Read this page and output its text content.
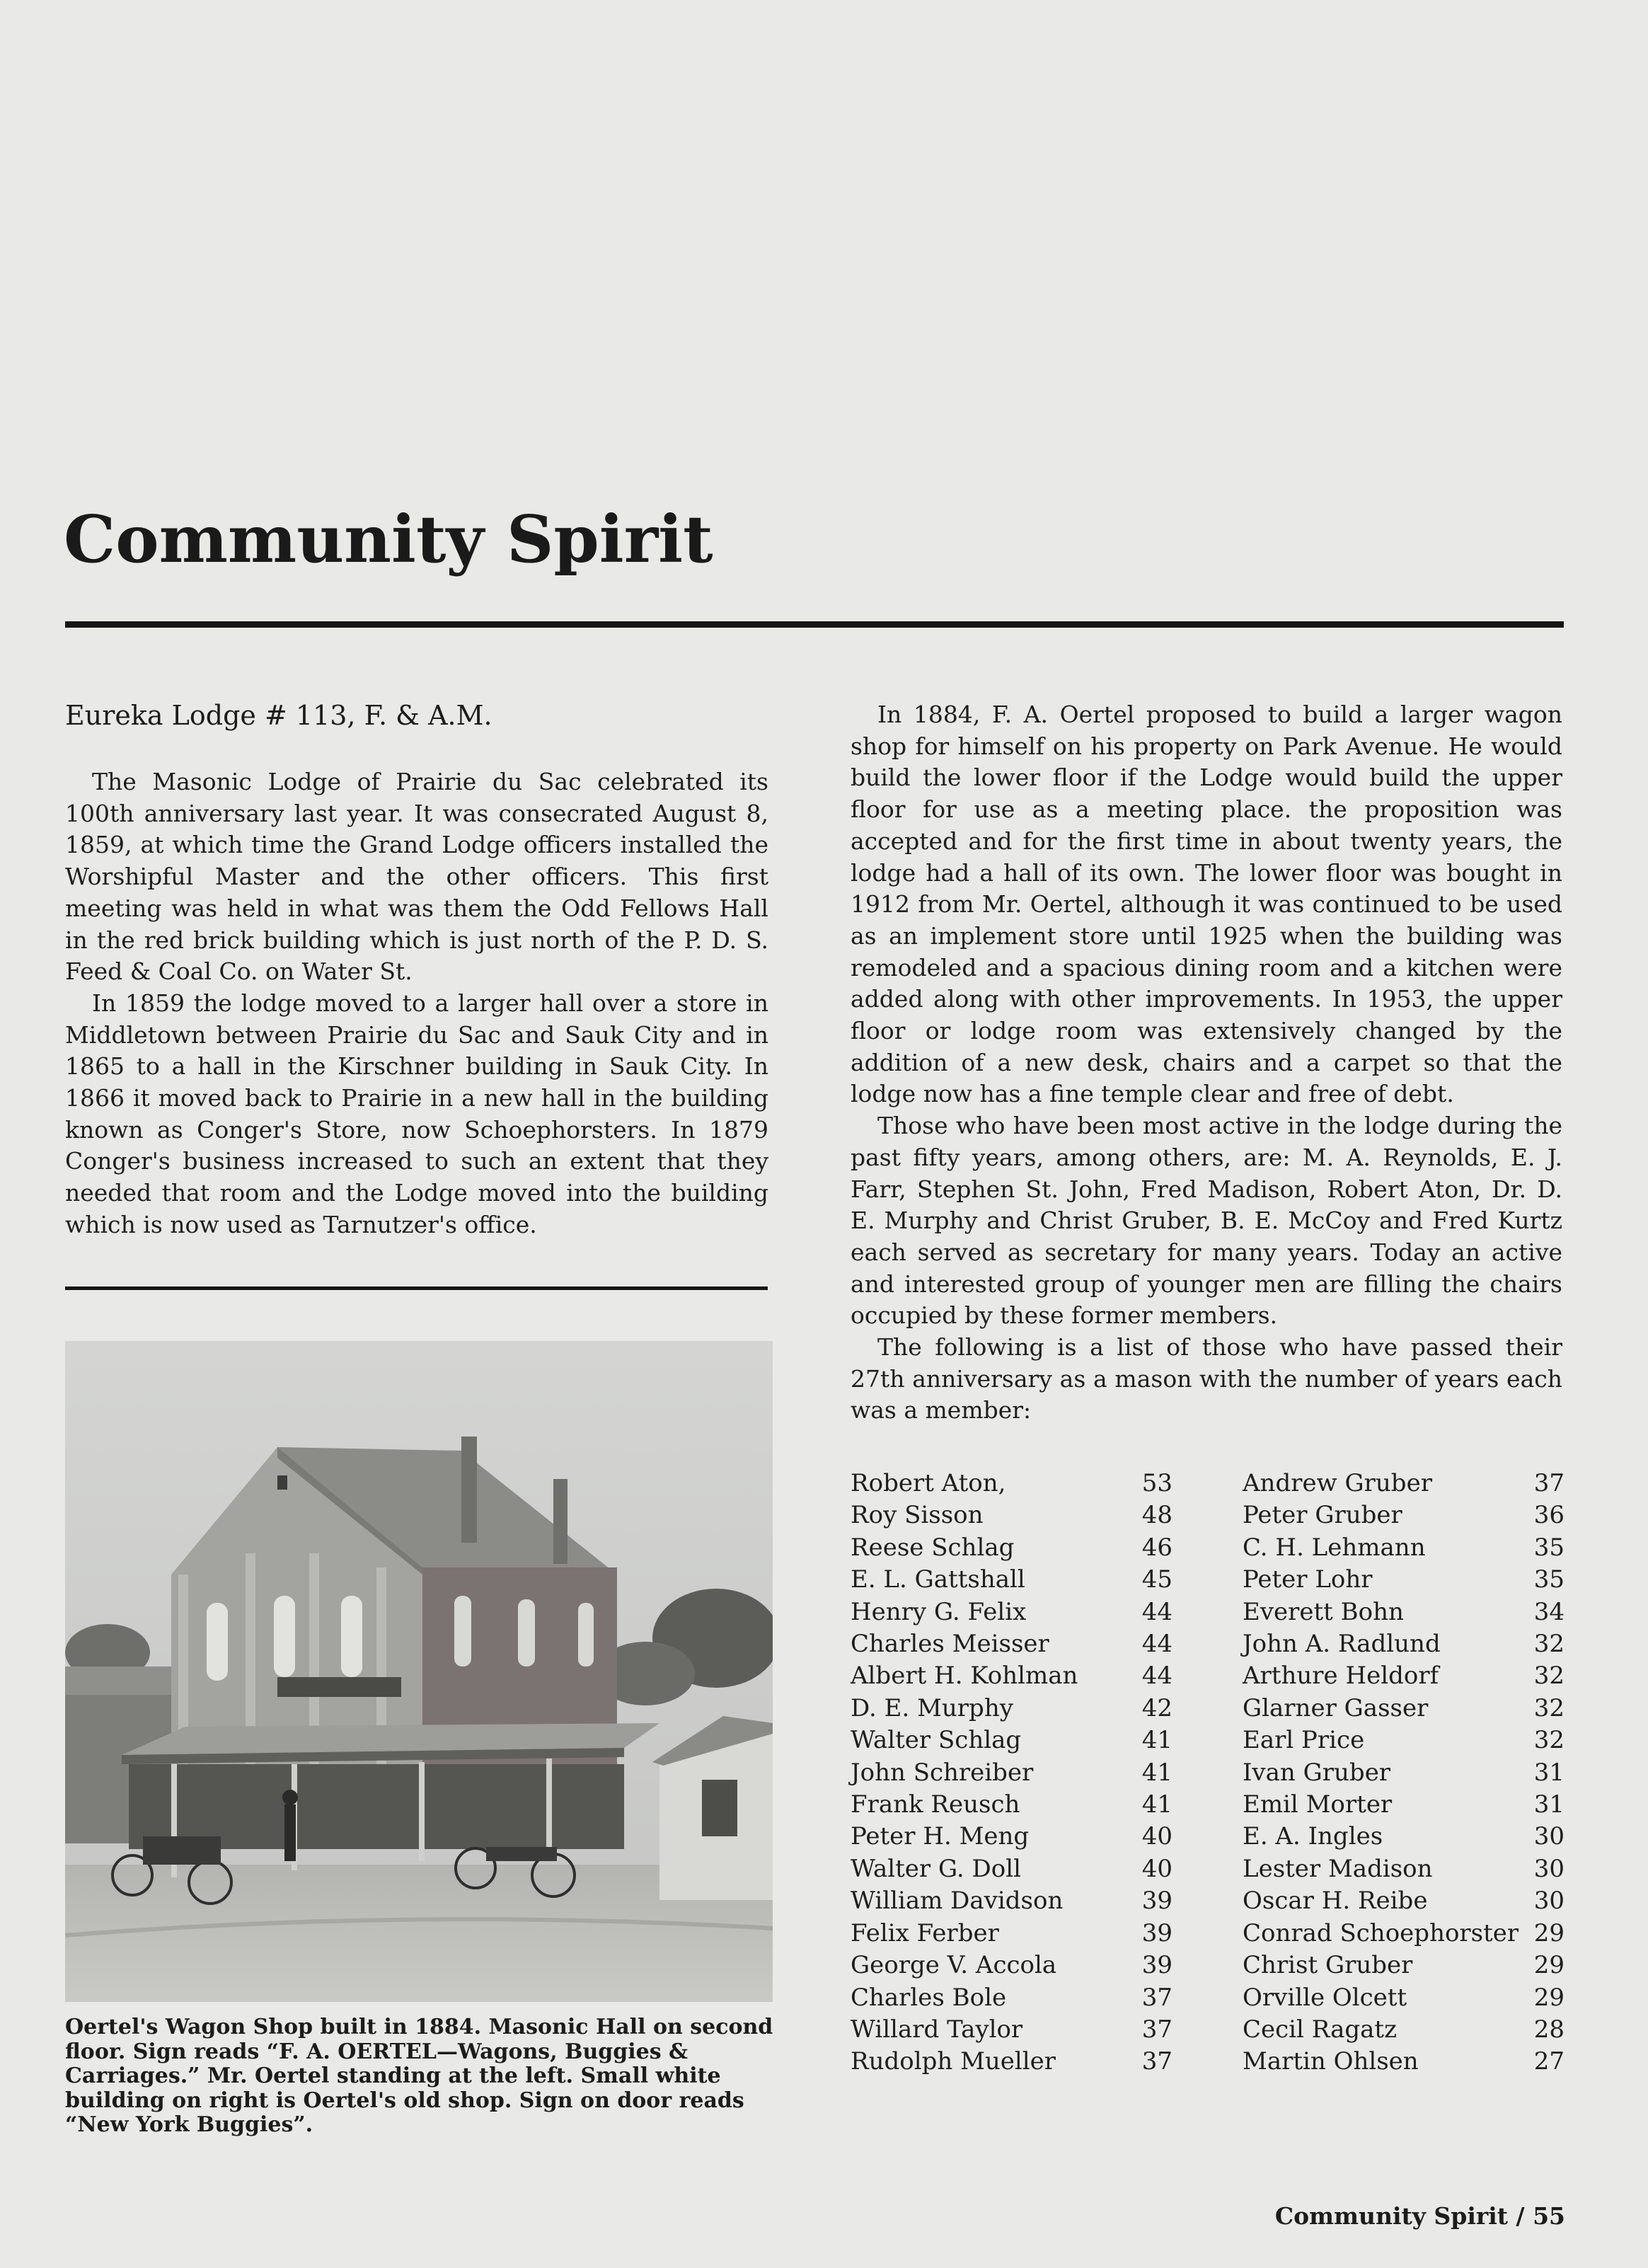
Community Spirit
Eureka Lodge # 113, F. & A.M.

The Masonic Lodge of Prairie du Sac celebrated its 100th anniversary last year. It was consecrated August 8, 1859, at which time the Grand Lodge officers installed the Worshipful Master and the other officers. This first meeting was held in what was them the Odd Fellows Hall in the red brick building which is just north of the P. D. S. Feed & Coal Co. on Water St.

In 1859 the lodge moved to a larger hall over a store in Middletown between Prairie du Sac and Sauk City and in 1865 to a hall in the Kirschner building in Sauk City. In 1866 it moved back to Prairie in a new hall in the building known as Conger's Store, now Schoephorsters. In 1879 Conger's business increased to such an extent that they needed that room and the Lodge moved into the building which is now used as Tarnutzer's office.

Oertel's Wagon Shop built in 1884. Masonic Hall on second floor. Sign reads “F. A. OERTEL—Wagons, Buggies & Carriages.” Mr. Oertel standing at the left. Small white building on right is Oertel's old shop. Sign on door reads “New York Buggies”.

In 1884, F. A. Oertel proposed to build a larger wagon shop for himself on his property on Park Avenue. He would build the lower floor if the Lodge would build the upper floor for use as a meeting place. the proposition was accepted and for the first time in about twenty years, the lodge had a hall of its own. The lower floor was bought in 1912 from Mr. Oertel, although it was continued to be used as an implement store until 1925 when the building was remodeled and a spacious dining room and a kitchen were added along with other improvements. In 1953, the upper floor or lodge room was extensively changed by the addition of a new desk, chairs and a carpet so that the lodge now has a fine temple clear and free of debt.

Those who have been most active in the lodge during the past fifty years, among others, are: M. A. Reynolds, E. J. Farr, Stephen St. John, Fred Madison, Robert Aton, Dr. D. E. Murphy and Christ Gruber, B. E. McCoy and Fred Kurtz each served as secretary for many years. Today an active and interested group of younger men are filling the chairs occupied by these former members.

The following is a list of those who have passed their 27th anniversary as a mason with the number of years each was a member:

Robert Aton,	53
Roy Sisson	48
Reese Schlag	46
E. L. Gattshall	45
Henry G. Felix	44
Charles Meisser	44
Albert H. Kohlman	44
D. E. Murphy	42
Walter Schlag	41
John Schreiber	41
Frank Reusch	41
Peter H. Meng	40
Walter G. Doll	40
William Davidson	39
Felix Ferber	39
George V. Accola	39
Charles Bole	37
Willard Taylor	37
Rudolph Mueller	37
Andrew Gruber	37
Peter Gruber	36
C. H. Lehmann	35
Peter Lohr	35
Everett Bohn	34
John A. Radlund	32
Arthure Heldorf	32
Glarner Gasser	32
Earl Price	32
Ivan Gruber	31
Emil Morter	31
E. A. Ingles	30
Lester Madison	30
Oscar H. Reibe	30
Conrad Schoephorster 29
Christ Gruber	29
Orville Olcett	29
Cecil Ragatz	28
Martin Ohlsen	27
Community Spirit / 55
